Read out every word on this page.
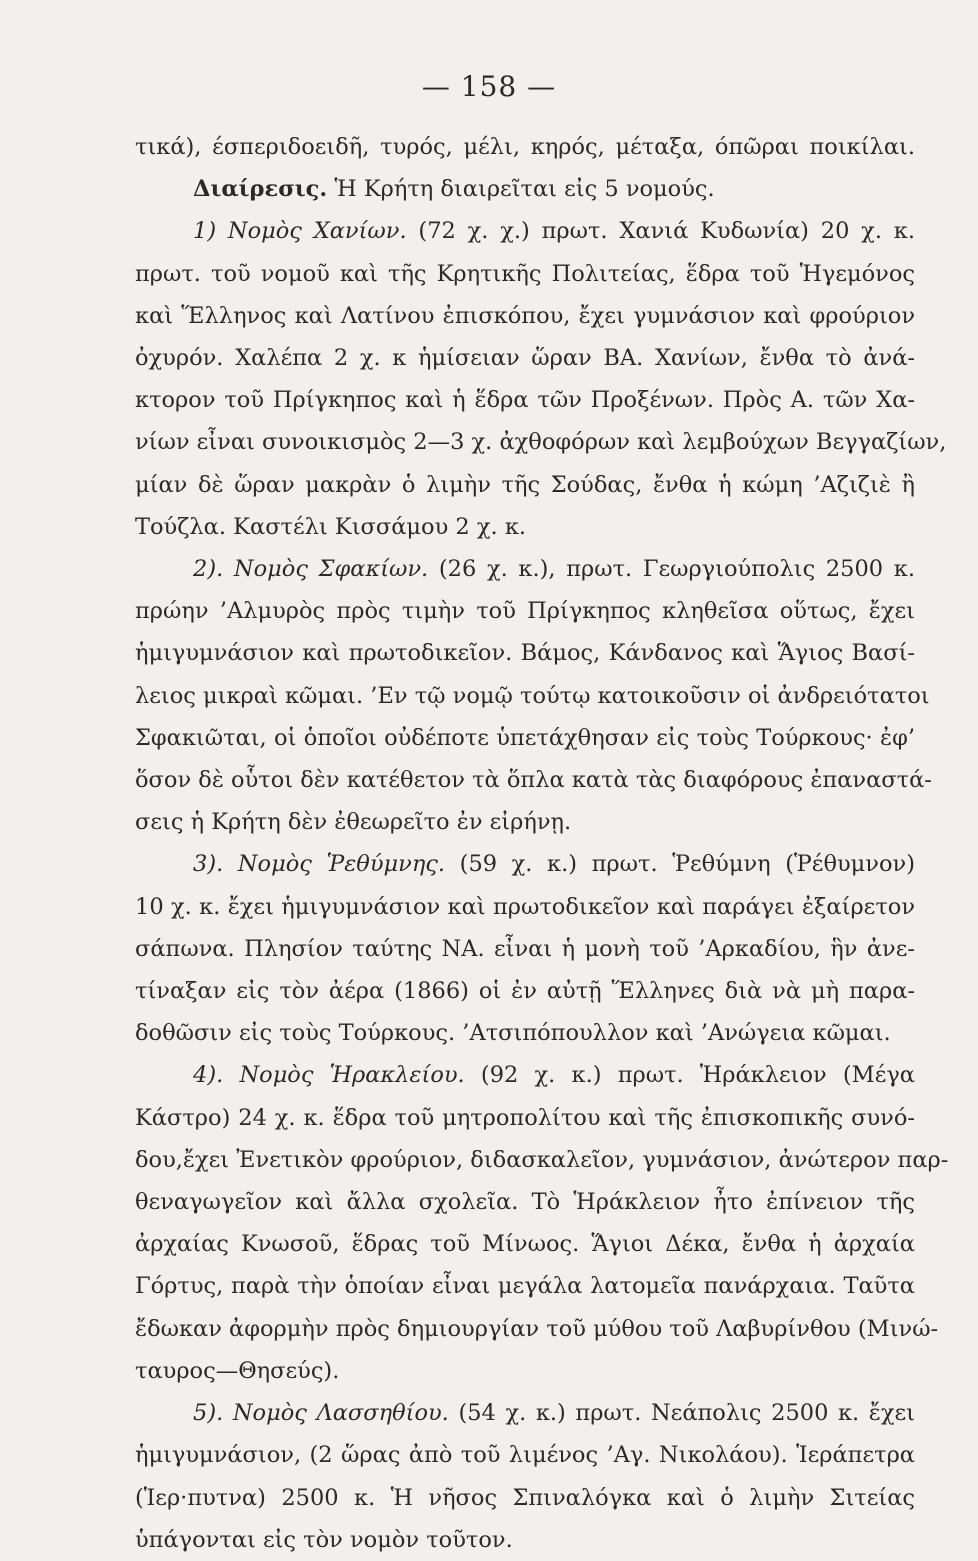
— 158 —
τικά), έσπεριδοειδῆ, τυρός, μέλι, κηρός, μέταξα, όπῶραι ποικίλαι.
Διαίρεσις. Ἡ Κρήτη διαιρεῖται εἰς 5 νομούς.
1) Νομὸς Χανίων. (72 χ. χ.) πρωτ. Χανιά Κυδωνία) 20 χ. κ.
πρωτ. τοῦ νομοῦ καὶ τῆς Κρητικῆς Πολιτείας, ἕδρα τοῦ Ἡγεμόνος
καὶ Ἕλληνος καὶ Λατίνου ἐπισκόπου, ἔχει γυμνάσιον καὶ φρούριον
ὀχυρόν. Χαλέπα 2 χ. κ ἡμίσειαν ὥραν ΒΑ. Χανίων, ἔνθα τὸ ἀνά-
κτορον τοῦ Πρίγκηπος καὶ ἡ ἕδρα τῶν Προξένων. Πρὸς Α. τῶν Χα-
νίων εἶναι συνοικισμὸς 2—3 χ. ἀχθοφόρων καὶ λεμβούχων Βεγγαζίων,
μίαν δὲ ὥραν μακρὰν ὁ λιμὴν τῆς Σούδας, ἔνθα ἡ κώμη ’Αζιζιὲ ἢ
Τούζλα. Καστέλι Κισσάμου 2 χ. κ.
2). Νομὸς Σφακίων. (26 χ. κ.), πρωτ. Γεωργιούπολις 2500 κ.
πρώην ’Αλμυρὸς πρὸς τιμὴν τοῦ Πρίγκηπος κληθεῖσα οὕτως, ἔχει
ἡμιγυμνάσιον καὶ πρωτοδικεῖον. Βάμος, Κάνδανος καὶ Ἅγιος Βασί-
λειος μικραὶ κῶμαι. ’Εν τῷ νομῷ τούτῳ κατοικοῦσιν οἱ ἀνδρειότατοι
Σφακιῶται, οἱ ὁποῖοι οὐδέποτε ὑπετάχθησαν εἰς τοὺς Τούρκους· ἐφ’
ὅσον δὲ οὗτοι δὲν κατέθετον τὰ ὅπλα κατὰ τὰς διαφόρους ἐπαναστά-
σεις ἡ Κρήτη δὲν ἐθεωρεῖτο ἐν εἰρήνῃ.
3). Νομὸς Ῥεθύμνης. (59 χ. κ.) πρωτ. Ῥεθύμνη (Ῥέθυμνον)
10 χ. κ. ἔχει ἡμιγυμνάσιον καὶ πρωτοδικεῖον καὶ παράγει ἐξαίρετον
σάπωνα. Πλησίον ταύτης ΝΑ. εἶναι ἡ μονὴ τοῦ ’Αρκαδίου, ἣν ἀνε-
τίναξαν εἰς τὸν ἀέρα (1866) οἱ ἐν αὐτῇ Ἕλληνες διὰ νὰ μὴ παρα-
δοθῶσιν εἰς τοὺς Τούρκους. ’Ατσιπόπουλλον καὶ ’Ανώγεια κῶμαι.
4). Νομὸς Ἡρακλείου. (92 χ. κ.) πρωτ. Ἡράκλειον (Μέγα
Κάστρο) 24 χ. κ. ἕδρα τοῦ μητροπολίτου καὶ τῆς ἐπισκοπικῆς συνό-
δου,ἔχει Ἐνετικὸν φρούριον, διδασκαλεῖον, γυμνάσιον, ἀνώτερον παρ-
θεναγωγεῖον καὶ ἄλλα σχολεῖα. Τὸ Ἡράκλειον ἦτο ἐπίνειον τῆς
ἀρχαίας Κνωσοῦ, ἕδρας τοῦ Μίνωος. Ἅγιοι Δέκα, ἔνθα ἡ ἀρχαία
Γόρτυς, παρὰ τὴν ὁποίαν εἶναι μεγάλα λατομεῖα πανάρχαια. Ταῦτα
ἔδωκαν ἀφορμὴν πρὸς δημιουργίαν τοῦ μύθου τοῦ Λαβυρίνθου (Μινώ-
ταυρος—Θησεύς).
5). Νομὸς Λασσηθίου. (54 χ. κ.) πρωτ. Νεάπολις 2500 κ. ἔχει
ἡμιγυμνάσιον, (2 ὥρας ἀπὸ τοῦ λιμένος ’Αγ. Νικολάου). Ἱεράπετρα
(Ἱερ·πυτνα) 2500 κ. Ἡ νῆσος Σπιναλόγκα καὶ ὁ λιμὴν Σιτείας
ὑπάγονται εἰς τὸν νομὸν τοῦτον.
